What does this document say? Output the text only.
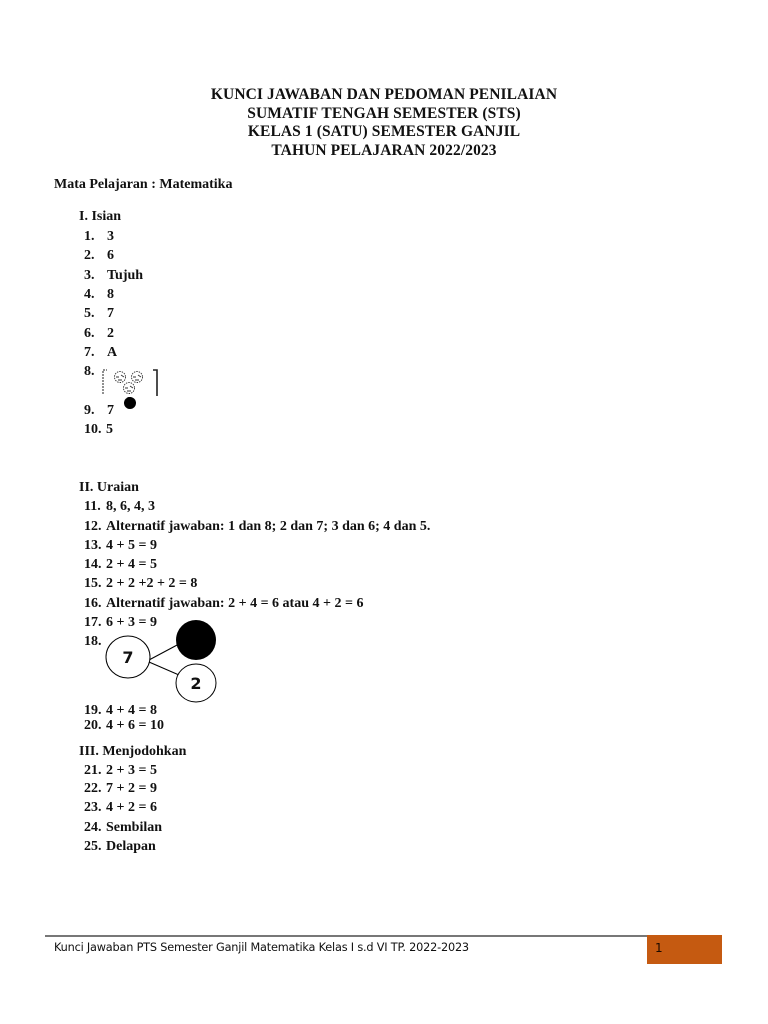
KUNCI JAWABAN DAN PEDOMAN PENILAIAN
SUMATIF TENGAH SEMESTER (STS)
KELAS 1 (SATU) SEMESTER GANJIL
TAHUN PELAJARAN 2022/2023
Mata Pelajaran : Matematika
I. Isian
1. 3
2. 6
3. Tujuh
4. 8
5. 7
6. 2
7. A
8.
9. 7
10. 5
II. Uraian
11. 8, 6, 4, 3
12. Alternatif jawaban: 1 dan 8; 2 dan 7; 3 dan 6; 4 dan 5.
13. 4 + 5 = 9
14. 2 + 4 = 5
15. 2 + 2 +2 + 2 = 8
16. Alternatif jawaban: 2 + 4 = 6 atau 4 + 2 = 6
17. 6 + 3 = 9
18.
7
2
19. 4 + 4 = 8
20. 4 + 6 = 10
III. Menjodohkan
21. 2 + 3 = 5
22. 7 + 2 = 9
23. 4 + 2 = 6
24. Sembilan
25. Delapan
Kunci Jawaban PTS Semester Ganjil Matematika Kelas I s.d VI TP. 2022-2023	1
